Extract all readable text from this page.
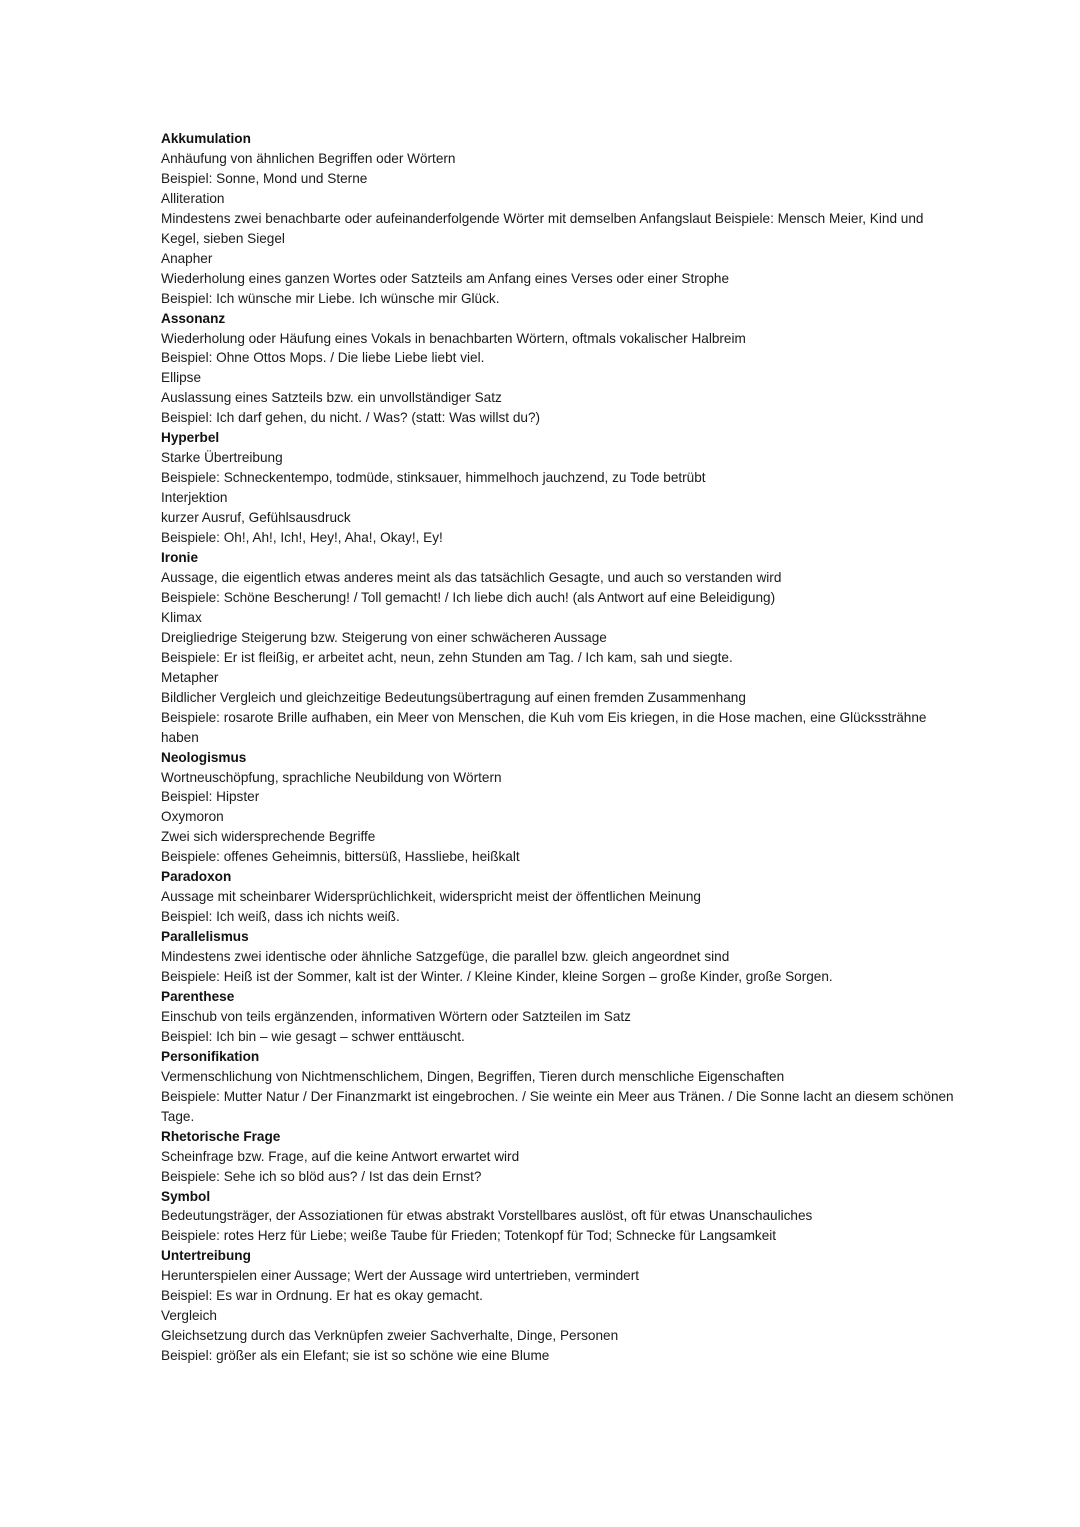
Akkumulation
Anhäufung von ähnlichen Begriffen oder Wörtern
Beispiel: Sonne, Mond und Sterne
Alliteration
Mindestens zwei benachbarte oder aufeinanderfolgende Wörter mit demselben Anfangslaut Beispiele: Mensch Meier, Kind und Kegel, sieben Siegel
Anapher
Wiederholung eines ganzen Wortes oder Satzteils am Anfang eines Verses oder einer Strophe
Beispiel: Ich wünsche mir Liebe. Ich wünsche mir Glück.
Assonanz
Wiederholung oder Häufung eines Vokals in benachbarten Wörtern, oftmals vokalischer Halbreim
Beispiel: Ohne Ottos Mops. / Die liebe Liebe liebt viel.
Ellipse
Auslassung eines Satzteils bzw. ein unvollständiger Satz
Beispiel: Ich darf gehen, du nicht. / Was? (statt: Was willst du?)
Hyperbel
Starke Übertreibung
Beispiele: Schneckentempo, todmüde, stinksauer, himmelhoch jauchzend, zu Tode betrübt
Interjektion
kurzer Ausruf, Gefühlsausdruck
Beispiele: Oh!, Ah!, Ich!, Hey!, Aha!, Okay!, Ey!
Ironie
Aussage, die eigentlich etwas anderes meint als das tatsächlich Gesagte, und auch so verstanden wird
Beispiele: Schöne Bescherung! / Toll gemacht! / Ich liebe dich auch! (als Antwort auf eine Beleidigung)
Klimax
Dreigliedrige Steigerung bzw. Steigerung von einer schwächeren Aussage
Beispiele: Er ist fleißig, er arbeitet acht, neun, zehn Stunden am Tag. / Ich kam, sah und siegte.
Metapher
Bildlicher Vergleich und gleichzeitige Bedeutungsübertragung auf einen fremden Zusammenhang
Beispiele: rosarote Brille aufhaben, ein Meer von Menschen, die Kuh vom Eis kriegen, in die Hose machen, eine Glückssträhne haben
Neologismus
Wortneuschöpfung, sprachliche Neubildung von Wörtern
Beispiel: Hipster
Oxymoron
Zwei sich widersprechende Begriffe
Beispiele: offenes Geheimnis, bittersüß, Hassliebe, heißkalt
Paradoxon
Aussage mit scheinbarer Widersprüchlichkeit, widerspricht meist der öffentlichen Meinung
Beispiel: Ich weiß, dass ich nichts weiß.
Parallelismus
Mindestens zwei identische oder ähnliche Satzgefüge, die parallel bzw. gleich angeordnet sind
Beispiele: Heiß ist der Sommer, kalt ist der Winter. / Kleine Kinder, kleine Sorgen – große Kinder, große Sorgen.
Parenthese
Einschub von teils ergänzenden, informativen Wörtern oder Satzteilen im Satz
Beispiel: Ich bin – wie gesagt – schwer enttäuscht.
Personifikation
Vermenschlichung von Nichtmenschlichem, Dingen, Begriffen, Tieren durch menschliche Eigenschaften
Beispiele: Mutter Natur / Der Finanzmarkt ist eingebrochen. / Sie weinte ein Meer aus Tränen. / Die Sonne lacht an diesem schönen Tage.
Rhetorische Frage
Scheinfrage bzw. Frage, auf die keine Antwort erwartet wird
Beispiele: Sehe ich so blöd aus? / Ist das dein Ernst?
Symbol
Bedeutungsträger, der Assoziationen für etwas abstrakt Vorstellbares auslöst, oft für etwas Unanschauliches
Beispiele: rotes Herz für Liebe; weiße Taube für Frieden; Totenkopf für Tod; Schnecke für Langsamkeit
Untertreibung
Herunterspielen einer Aussage; Wert der Aussage wird untertrieben, vermindert
Beispiel: Es war in Ordnung. Er hat es okay gemacht.
Vergleich
Gleichsetzung durch das Verknüpfen zweier Sachverhalte, Dinge, Personen
Beispiel: größer als ein Elefant; sie ist so schöne wie eine Blume
